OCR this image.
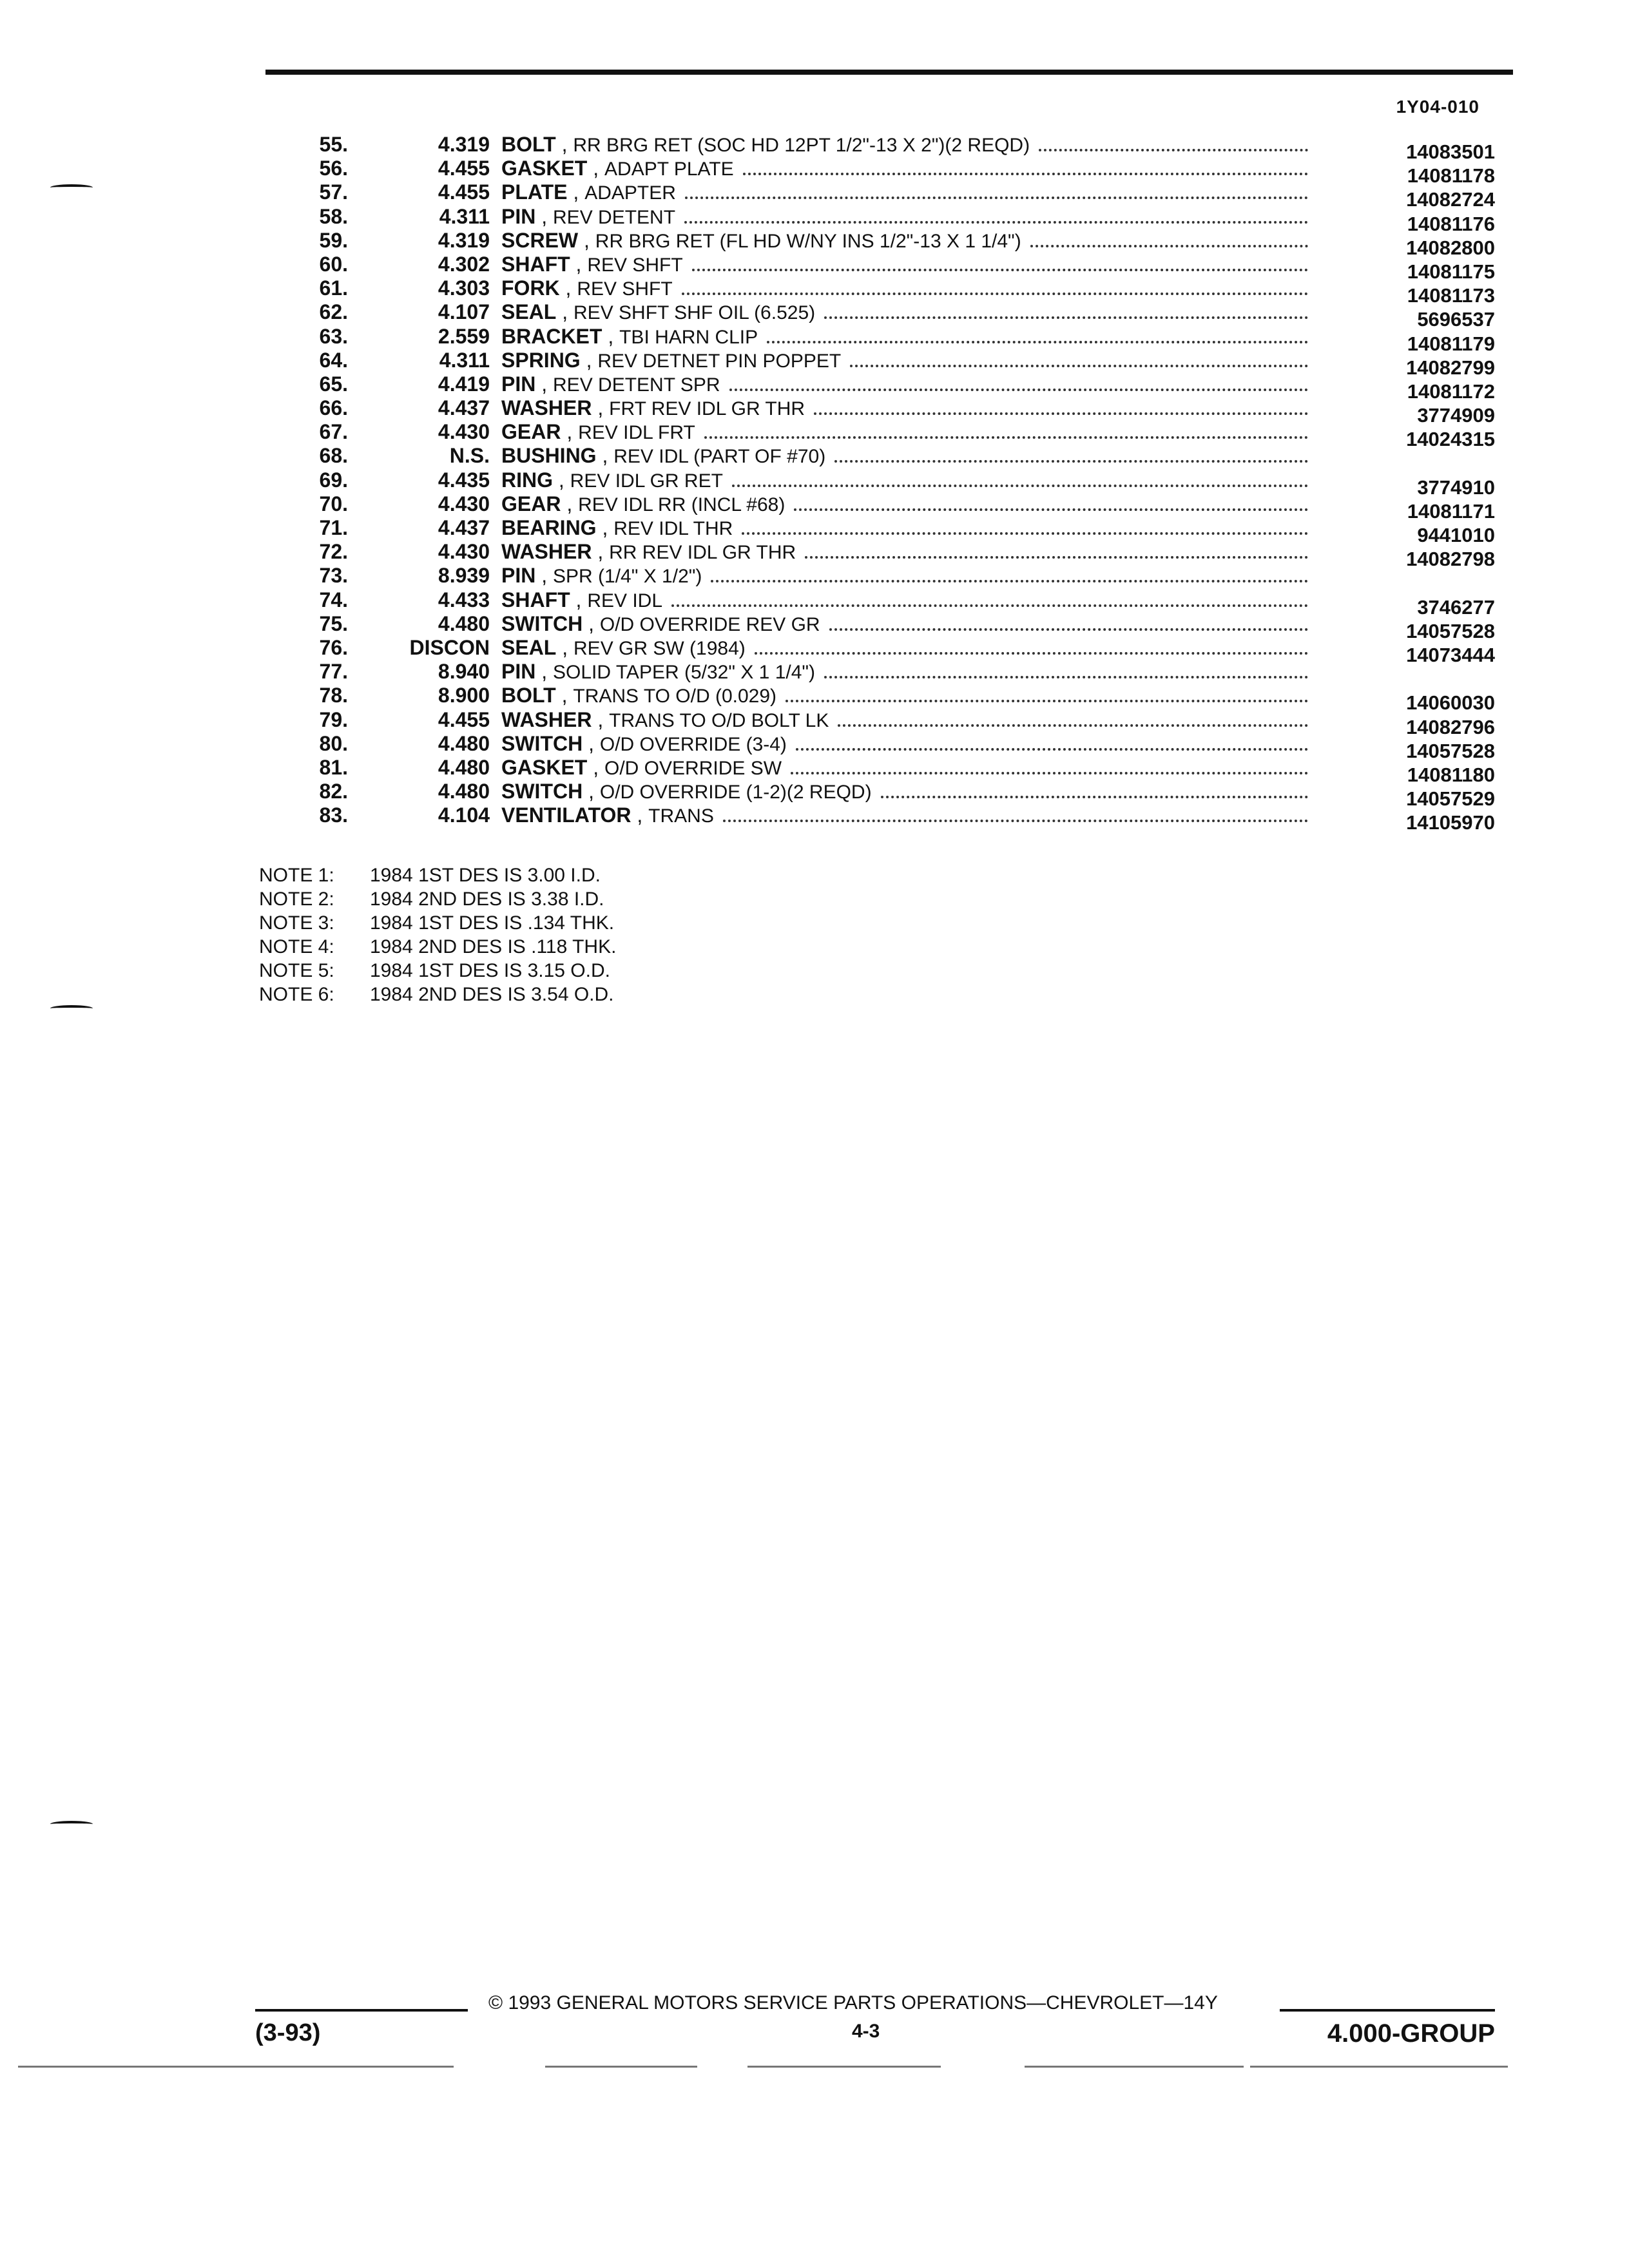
1Y04-010
55.	4.319 BOLT , RR BRG RET (SOC HD 12PT 1/2"-13 X 2")(2 REQD)	14083501
56.	4.455 GASKET , ADAPT PLATE	14081178
57.	4.455 PLATE , ADAPTER	14082724
58.	4.311 PIN , REV DETENT	14081176
59.	4.319 SCREW , RR BRG RET (FL HD W/NY INS 1/2"-13 X 1 1/4")	14082800
60.	4.302 SHAFT , REV SHFT	14081175
61.	4.303 FORK , REV SHFT	14081173
62.	4.107 SEAL , REV SHFT SHF OIL (6.525)	5696537
63.	2.559 BRACKET , TBI HARN CLIP	14081179
64.	4.311 SPRING , REV DETNET PIN POPPET	14082799
65.	4.419 PIN , REV DETENT SPR	14081172
66.	4.437 WASHER , FRT REV IDL GR THR	3774909
67.	4.430 GEAR , REV IDL FRT	14024315
68.	N.S. BUSHING , REV IDL (PART OF #70)
69.	4.435 RING , REV IDL GR RET	3774910
70.	4.430 GEAR , REV IDL RR (INCL #68)	14081171
71.	4.437 BEARING , REV IDL THR	9441010
72.	4.430 WASHER , RR REV IDL GR THR	14082798
73.	8.939 PIN , SPR (1/4" X 1/2")
74.	4.433 SHAFT , REV IDL	3746277
75.	4.480 SWITCH , O/D OVERRIDE REV GR	14057528
76.	DISCON SEAL , REV GR SW (1984)	14073444
77.	8.940 PIN , SOLID TAPER (5/32" X 1 1/4")
78.	8.900 BOLT , TRANS TO O/D (0.029)	14060030
79.	4.455 WASHER , TRANS TO O/D BOLT LK	14082796
80.	4.480 SWITCH , O/D OVERRIDE (3-4)	14057528
81.	4.480 GASKET , O/D OVERRIDE SW	14081180
82.	4.480 SWITCH , O/D OVERRIDE (1-2)(2 REQD)	14057529
83.	4.104 VENTILATOR , TRANS	14105970
NOTE 1:	1984 1ST DES IS 3.00 I.D.
NOTE 2:	1984 2ND DES IS 3.38 I.D.
NOTE 3:	1984 1ST DES IS .134 THK.
NOTE 4:	1984 2ND DES IS .118 THK.
NOTE 5:	1984 1ST DES IS 3.15 O.D.
NOTE 6:	1984 2ND DES IS 3.54 O.D.
© 1993 GENERAL MOTORS SERVICE PARTS OPERATIONS—CHEVROLET—14Y
(3-93)	4-3	4.000-GROUP
